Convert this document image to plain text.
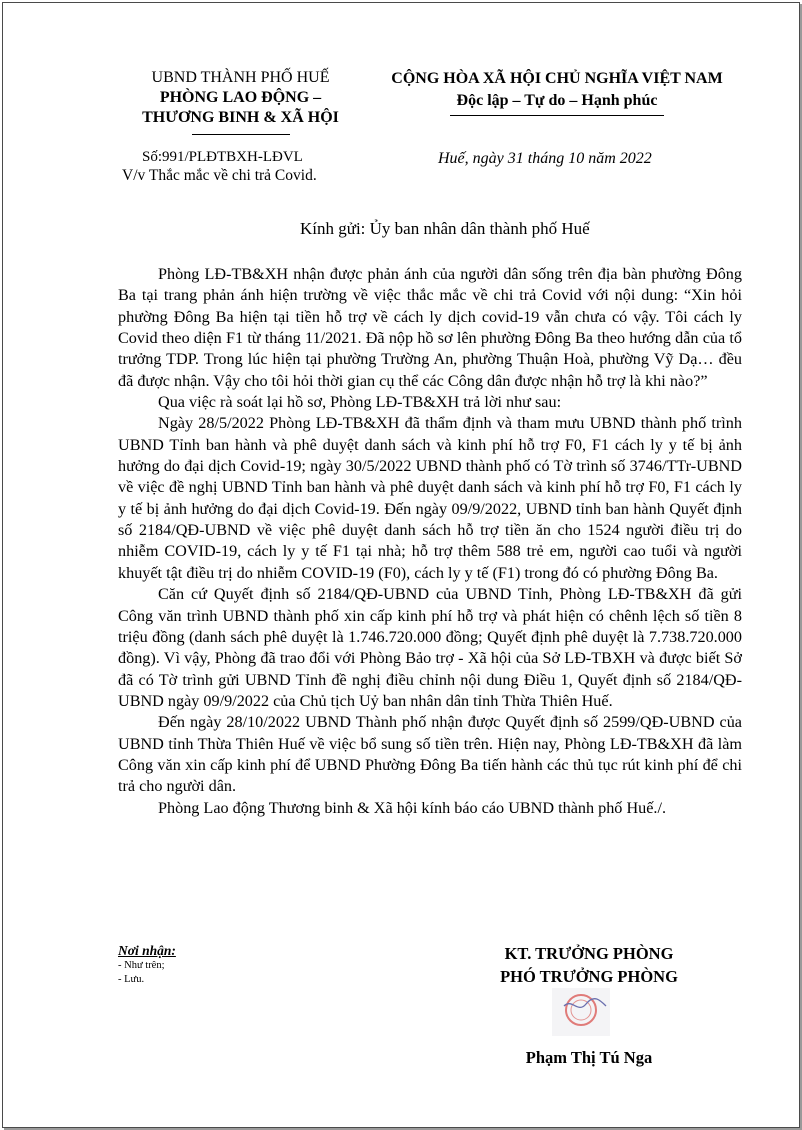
UBND THÀNH PHỐ HUẾ
PHÒNG LAO ĐỘNG –
THƯƠNG BINH & XÃ HỘI
CỘNG HÒA XÃ HỘI CHỦ NGHĨA VIỆT NAM
Độc lập – Tự do – Hạnh phúc
Số:991/PLĐTBXH-LĐVL
V/v Thắc mắc về chi trả Covid.
Huế, ngày 31 tháng 10 năm 2022
Kính gửi: Ủy ban nhân dân thành phố Huế

Phòng LĐ-TB&XH nhận được phản ánh của người dân sống trên địa bàn phường Đông Ba tại trang phản ánh hiện trường về việc thắc mắc về chi trả Covid với nội dung: “Xin hỏi phường Đông Ba hiện tại tiền hỗ trợ về cách ly dịch covid-19 vẫn chưa có vậy. Tôi cách ly Covid theo diện F1 từ tháng 11/2021. Đã nộp hồ sơ lên phường Đông Ba theo hướng dẫn của tổ trưởng TDP. Trong lúc hiện tại phường Trường An, phường Thuận Hoà, phường Vỹ Dạ… đều đã được nhận. Vậy cho tôi hỏi thời gian cụ thể các Công dân được nhận hỗ trợ là khi nào?”

Qua việc rà soát lại hồ sơ, Phòng LĐ-TB&XH trả lời như sau:

Ngày 28/5/2022 Phòng LĐ-TB&XH đã thẩm định và tham mưu UBND thành phố trình UBND Tỉnh ban hành và phê duyệt danh sách và kinh phí hỗ trợ F0, F1 cách ly y tế bị ảnh hưởng do đại dịch Covid-19; ngày 30/5/2022 UBND thành phố có Tờ trình số 3746/TTr-UBND về việc đề nghị UBND Tỉnh ban hành và phê duyệt danh sách và kinh phí hỗ trợ F0, F1 cách ly y tế bị ảnh hưởng do đại dịch Covid-19. Đến ngày 09/9/2022, UBND tỉnh ban hành Quyết định số 2184/QĐ-UBND về việc phê duyệt danh sách hỗ trợ tiền ăn cho 1524 người điều trị do nhiễm COVID-19, cách ly y tế F1 tại nhà; hỗ trợ thêm 588 trẻ em, người cao tuổi và người khuyết tật điều trị do nhiễm COVID-19 (F0), cách ly y tế (F1) trong đó có phường Đông Ba.

Căn cứ Quyết định số 2184/QĐ-UBND của UBND Tỉnh, Phòng LĐ-TB&XH đã gửi Công văn trình UBND thành phố xin cấp kinh phí hỗ trợ và phát hiện có chênh lệch số tiền 8 triệu đồng (danh sách phê duyệt là 1.746.720.000 đồng; Quyết định phê duyệt là 7.738.720.000 đồng). Vì vậy, Phòng đã trao đổi với Phòng Bảo trợ - Xã hội của Sở LĐ-TBXH và được biết Sở đã có Tờ trình gửi UBND Tỉnh đề nghị điều chỉnh nội dung Điều 1, Quyết định số 2184/QĐ-UBND ngày 09/9/2022 của Chủ tịch Uỷ ban nhân dân tỉnh Thừa Thiên Huế.

Đến ngày 28/10/2022 UBND Thành phố nhận được Quyết định số 2599/QĐ-UBND của UBND tỉnh Thừa Thiên Huế về việc bổ sung số tiền trên. Hiện nay, Phòng LĐ-TB&XH đã làm Công văn xin cấp kinh phí để UBND Phường Đông Ba tiến hành các thủ tục rút kinh phí để chi trả cho người dân.

Phòng Lao động Thương binh & Xã hội kính báo cáo UBND thành phố Huế./.

Nơi nhận:
- Như trên;
- Lưu.
KT. TRƯỞNG PHÒNG
PHÓ TRƯỞNG PHÒNG
Phạm Thị Tú Nga
